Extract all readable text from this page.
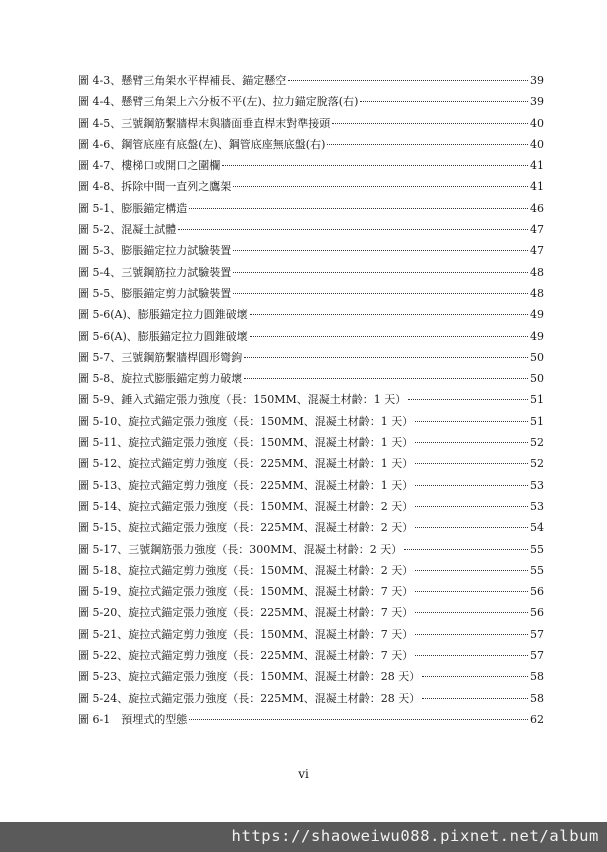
圖 4-3、懸臂三角架水平桿補長、錨定懸空	39
圖 4-4、懸臂三角架上六分板不平(左)、拉力錨定脫落(右)	39
圖 4-5、三號鋼筋繫牆桿末與牆面垂直桿末對準接頭	40
圖 4-6、鋼管底座有底盤(左)、鋼管底座無底盤(右)	40
圖 4-7、樓梯口或開口之圍欄	41
圖 4-8、拆除中間一直列之鷹架	41
圖 5-1、膨脹錨定構造	46
圖 5-2、混凝土試體	47
圖 5-3、膨脹錨定拉力試驗裝置	47
圖 5-4、三號鋼筋拉力試驗裝置	48
圖 5-5、膨脹錨定剪力試驗裝置	48
圖 5-6(A)、膨脹錨定拉力圓錐破壞	49
圖 5-6(A)、膨脹錨定拉力圓錐破壞	49
圖 5-7、三號鋼筋繫牆桿圓形彎鉤	50
圖 5-8、旋拉式膨脹錨定剪力破壞	50
圖 5-9、錘入式錨定張力強度（長：150MM、混凝土材齡：1 天）	51
圖 5-10、旋拉式錨定張力強度（長：150MM、混凝土材齡：1 天）	51
圖 5-11、旋拉式錨定張力強度（長：150MM、混凝土材齡：1 天）	52
圖 5-12、旋拉式錨定剪力強度（長：225MM、混凝土材齡：1 天）	52
圖 5-13、旋拉式錨定剪力強度（長：225MM、混凝土材齡：1 天）	53
圖 5-14、旋拉式錨定張力強度（長：150MM、混凝土材齡：2 天）	53
圖 5-15、旋拉式錨定張力強度（長：225MM、混凝土材齡：2 天）	54
圖 5-17、三號鋼筋張力強度（長：300MM、混凝土材齡：2 天）	55
圖 5-18、旋拉式錨定剪力強度（長：150MM、混凝土材齡：2 天）	55
圖 5-19、旋拉式錨定張力強度（長：150MM、混凝土材齡：7 天）	56
圖 5-20、旋拉式錨定張力強度（長：225MM、混凝土材齡：7 天）	56
圖 5-21、旋拉式錨定剪力強度（長：150MM、混凝土材齡：7 天）	57
圖 5-22、旋拉式錨定剪力強度（長：225MM、混凝土材齡：7 天）	57
圖 5-23、旋拉式錨定張力強度（長：150MM、混凝土材齡：28 天）	58
圖 5-24、旋拉式錨定張力強度（長：225MM、混凝土材齡：28 天）	58
圖 6-1　預埋式的型態	62
vi
https://shaoweiwu088.pixnet.net/album
